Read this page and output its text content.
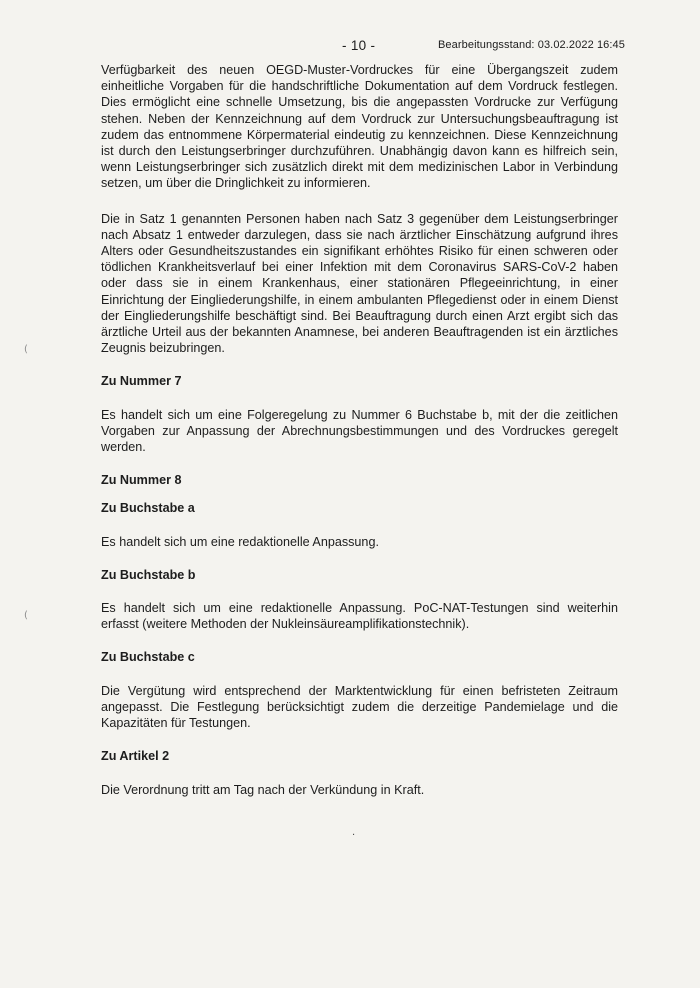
- 10 -	Bearbeitungsstand: 03.02.2022 16:45

Verfügbarkeit des neuen OEGD-Muster-Vordruckes für eine Übergangszeit zudem einheitliche Vorgaben für die handschriftliche Dokumentation auf dem Vordruck festlegen. Dies ermöglicht eine schnelle Umsetzung, bis die angepassten Vordrucke zur Verfügung stehen. Neben der Kennzeichnung auf dem Vordruck zur Untersuchungsbeauftragung ist zudem das entnommene Körpermaterial eindeutig zu kennzeichnen. Diese Kennzeichnung ist durch den Leistungserbringer durchzuführen. Unabhängig davon kann es hilfreich sein, wenn Leistungserbringer sich zusätzlich direkt mit dem medizinischen Labor in Verbindung setzen, um über die Dringlichkeit zu informieren.

Die in Satz 1 genannten Personen haben nach Satz 3 gegenüber dem Leistungserbringer nach Absatz 1 entweder darzulegen, dass sie nach ärztlicher Einschätzung aufgrund ihres Alters oder Gesundheitszustandes ein signifikant erhöhtes Risiko für einen schweren oder tödlichen Krankheitsverlauf bei einer Infektion mit dem Coronavirus SARS-CoV-2 haben oder dass sie in einem Krankenhaus, einer stationären Pflegeeinrichtung, in einer Einrichtung der Eingliederungshilfe, in einem ambulanten Pflegedienst oder in einem Dienst der Eingliederungshilfe beschäftigt sind. Bei Beauftragung durch einen Arzt ergibt sich das ärztliche Urteil aus der bekannten Anamnese, bei anderen Beauftragenden ist ein ärztliches Zeugnis beizubringen.

Zu Nummer 7

Es handelt sich um eine Folgeregelung zu Nummer 6 Buchstabe b, mit der die zeitlichen Vorgaben zur Anpassung der Abrechnungsbestimmungen und des Vordruckes geregelt werden.

Zu Nummer 8

Zu Buchstabe a

Es handelt sich um eine redaktionelle Anpassung.

Zu Buchstabe b

Es handelt sich um eine redaktionelle Anpassung. PoC-NAT-Testungen sind weiterhin erfasst (weitere Methoden der Nukleinsäureamplifikationstechnik).

Zu Buchstabe c

Die Vergütung wird entsprechend der Marktentwicklung für einen befristeten Zeitraum angepasst. Die Festlegung berücksichtigt zudem die derzeitige Pandemielage und die Kapazitäten für Testungen.

Zu Artikel 2

Die Verordnung tritt am Tag nach der Verkündung in Kraft.

(
(
·
